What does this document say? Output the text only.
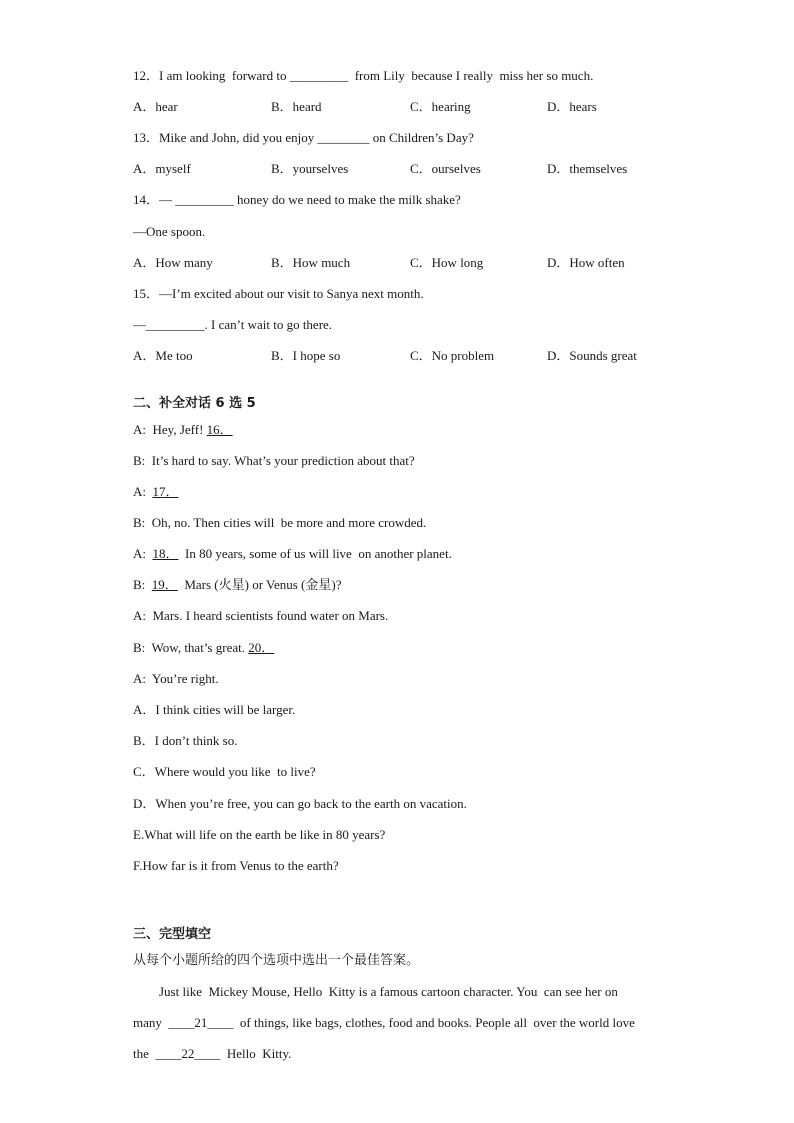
12．I am looking  forward to _________  from Lily  because I really  miss her so much.
A．hear	B．heard	C．hearing	D．hears
13．Mike and John, did you enjoy ________ on Children’s Day?
A．myself	B．yourselves	C．ourselves	D．themselves
14．— _________ honey do we need to make the milk shake?
—One spoon.
A．How many	B．How much	C．How long	D．How often
15．—I’m excited about our visit to Sanya next month.
—_________. I can’t wait to go there.
A．Me too	B．I hope so	C．No problem	D．Sounds great
二、补全对话 6 选 5
A:  Hey, Jeff! 16．
B:  It’s hard to say. What’s your prediction about that?
A:  17．
B:  Oh, no. Then cities will  be more and more crowded.
A:  18．  In 80 years, some of us will live  on another planet.
B:  19．  Mars (火星) or Venus (金星)?
A:  Mars. I heard scientists found water on Mars.
B:  Wow, that’s great. 20．
A:  You’re right.
A．I think cities will be larger.
B．I don’t think so.
C．Where would you like  to live?
D．When you’re free, you can go back to the earth on vacation.
E.What will life on the earth be like in 80 years?
F.How far is it from Venus to the earth?
三、完型填空
从每个小题所给的四个选项中选出一个最佳答案。
Just like  Mickey Mouse, Hello  Kitty is a famous cartoon character. You  can see her on
many  ____21____  of things, like bags, clothes, food and books. People all  over the world love
the  ____22____  Hello  Kitty.
